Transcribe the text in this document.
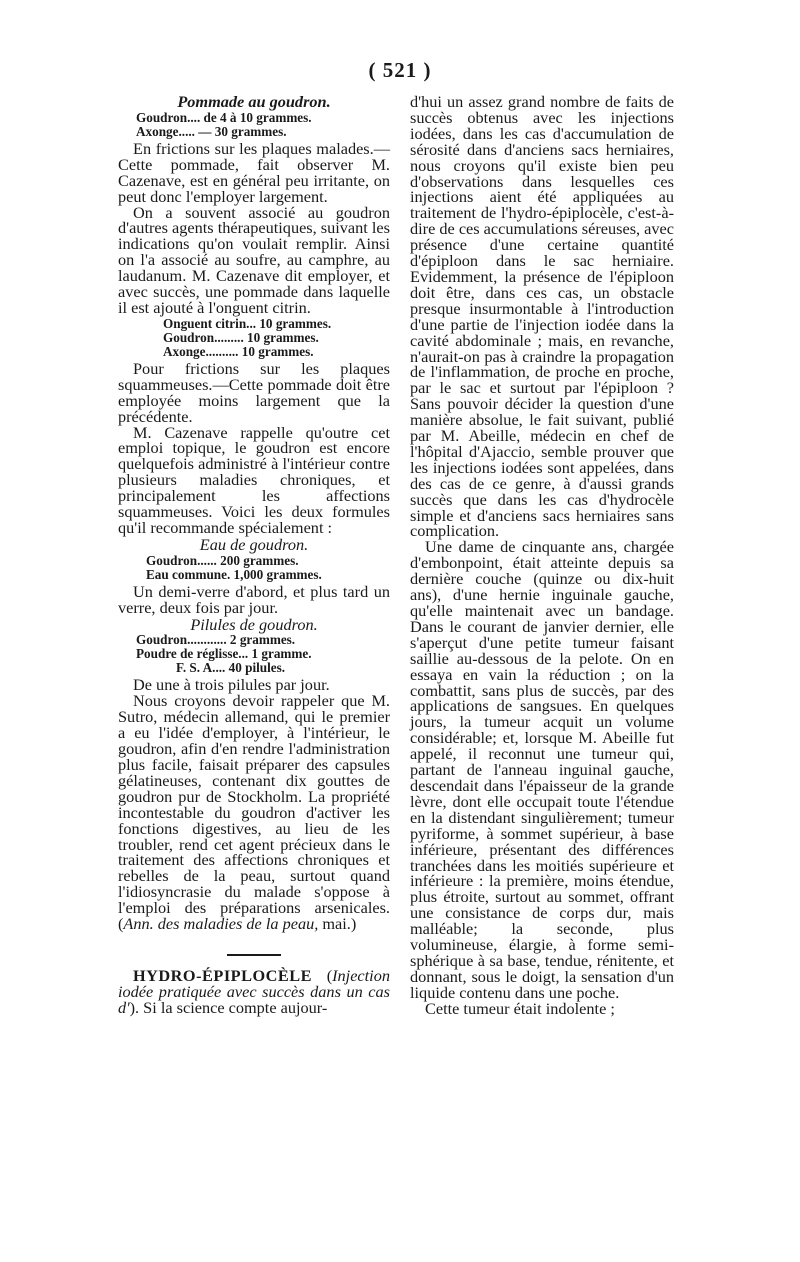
( 521 )
Pommade au goudron.
Goudron.... de 4 à 10 grammes.
Axonge..... — 30 grammes.

En frictions sur les plaques malades.— Cette pommade, fait observer M. Cazenave, est en général peu irritante, on peut donc l'employer largement.

On a souvent associé au goudron d'autres agents thérapeutiques, suivant les indications qu'on voulait remplir. Ainsi on l'a associé au soufre, au camphre, au laudanum. M. Cazenave dit employer, et avec succès, une pommade dans laquelle il est ajouté à l'onguent citrin.

Onguent citrin... 10 grammes.
Goudron......... 10 grammes.
Axonge.......... 10 grammes.

Pour frictions sur les plaques squammeuses.—Cette pommade doit être employée moins largement que la précédente.

M. Cazenave rappelle qu'outre cet emploi topique, le goudron est encore quelquefois administré à l'intérieur contre plusieurs maladies chroniques, et principalement les affections squammeuses. Voici les deux formules qu'il recommande spécialement :

Eau de goudron.
Goudron...... 200 grammes.
Eau commune. 1,000 grammes.

Un demi-verre d'abord, et plus tard un verre, deux fois par jour.

Pilules de goudron.
Goudron............ 2 grammes.
Poudre de réglisse... 1 gramme.
F. S. A.... 40 pilules.

De une à trois pilules par jour.

Nous croyons devoir rappeler que M. Sutro, médecin allemand, qui le premier a eu l'idée d'employer, à l'intérieur, le goudron, afin d'en rendre l'administration plus facile, faisait préparer des capsules gélatineuses, contenant dix gouttes de goudron pur de Stockholm. La propriété incontestable du goudron d'activer les fonctions digestives, au lieu de les troubler, rend cet agent précieux dans le traitement des affections chroniques et rebelles de la peau, surtout quand l'idiosyncrasie du malade s'oppose à l'emploi des préparations arsenicales. (Ann. des maladies de la peau, mai.)

HYDRO-ÉPIPLOCÈLE (Injection iodée pratiquée avec succès dans un cas d'). Si la science compte aujour-

d'hui un assez grand nombre de faits de succès obtenus avec les injections iodées, dans les cas d'accumulation de sérosité dans d'anciens sacs herniaires, nous croyons qu'il existe bien peu d'observations dans lesquelles ces injections aient été appliquées au traitement de l'hydro-épiplocèle, c'est-à-dire de ces accumulations séreuses, avec présence d'une certaine quantité d'épiploon dans le sac herniaire. Evidemment, la présence de l'épiploon doit être, dans ces cas, un obstacle presque insurmontable à l'introduction d'une partie de l'injection iodée dans la cavité abdominale ; mais, en revanche, n'aurait-on pas à craindre la propagation de l'inflammation, de proche en proche, par le sac et surtout par l'épiploon ? Sans pouvoir décider la question d'une manière absolue, le fait suivant, publié par M. Abeille, médecin en chef de l'hôpital d'Ajaccio, semble prouver que les injections iodées sont appelées, dans des cas de ce genre, à d'aussi grands succès que dans les cas d'hydrocèle simple et d'anciens sacs herniaires sans complication.

Une dame de cinquante ans, chargée d'embonpoint, était atteinte depuis sa dernière couche (quinze ou dix-huit ans), d'une hernie inguinale gauche, qu'elle maintenait avec un bandage. Dans le courant de janvier dernier, elle s'aperçut d'une petite tumeur faisant saillie au-dessous de la pelote. On en essaya en vain la réduction ; on la combattit, sans plus de succès, par des applications de sangsues. En quelques jours, la tumeur acquit un volume considérable; et, lorsque M. Abeille fut appelé, il reconnut une tumeur qui, partant de l'anneau inguinal gauche, descendait dans l'épaisseur de la grande lèvre, dont elle occupait toute l'étendue en la distendant singulièrement; tumeur pyriforme, à sommet supérieur, à base inférieure, présentant des différences tranchées dans les moitiés supérieure et inférieure : la première, moins étendue, plus étroite, surtout au sommet, offrant une consistance de corps dur, mais malléable; la seconde, plus volumineuse, élargie, à forme semi-sphérique à sa base, tendue, rénitente, et donnant, sous le doigt, la sensation d'un liquide contenu dans une poche.

Cette tumeur était indolente ;
